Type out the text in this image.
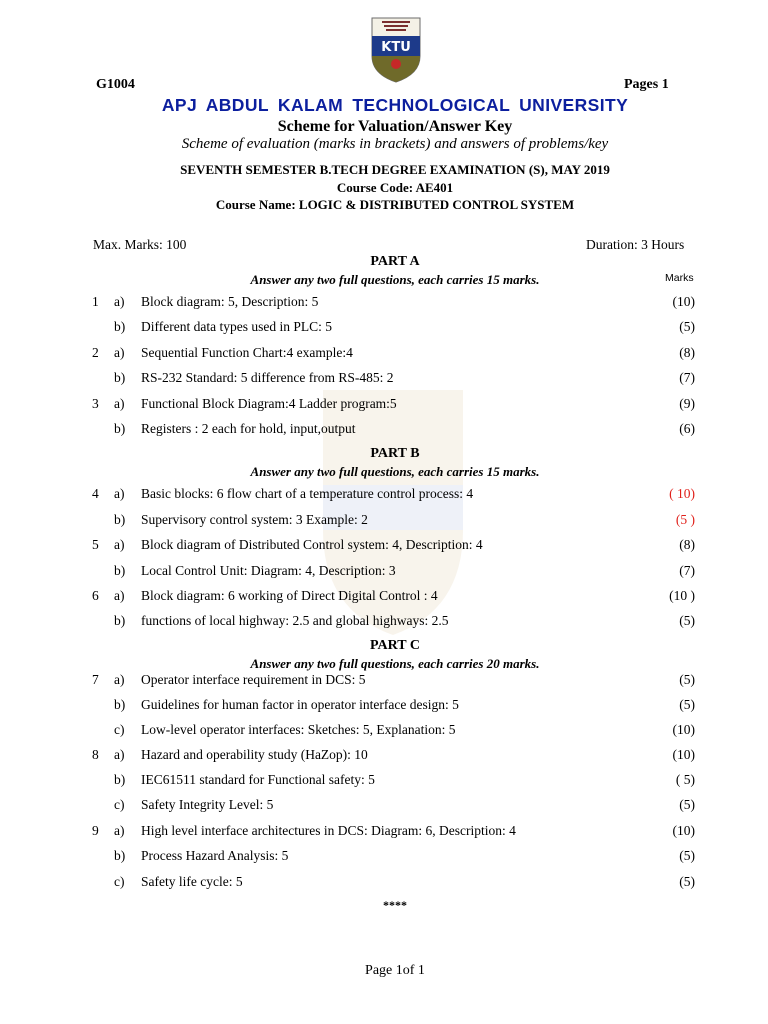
KTU
G1004	Pages 1
APJ ABDUL KALAM TECHNOLOGICAL UNIVERSITY
Scheme for Valuation/Answer Key
Scheme of evaluation (marks in brackets) and answers of problems/key
SEVENTH SEMESTER B.TECH DEGREE EXAMINATION (S), MAY 2019
Course Code: AE401
Course Name: LOGIC & DISTRIBUTED CONTROL SYSTEM
Max. Marks: 100	Duration: 3 Hours
Marks
PART A
Answer any two full questions, each carries 15 marks.
PART B
Answer any two full questions, each carries 15 marks.
PART C
Answer any two full questions, each carries 20 marks.
1 a) Block diagram: 5, Description: 5	(10)
b) Different data types used in PLC: 5	(5)
2 a) Sequential Function Chart:4 example:4	(8)
b) RS-232 Standard: 5 difference from RS-485: 2	(7)
3 a) Functional Block Diagram:4 Ladder program:5	(9)
b) Registers : 2 each for hold, input,output	(6)
4 a) Basic blocks: 6 flow chart of a temperature control process: 4	( 10)
b) Supervisory control system: 3 Example: 2	(5 )
5 a) Block diagram of Distributed Control system: 4, Description: 4	(8)
b) Local Control Unit: Diagram: 4, Description: 3	(7)
6 a) Block diagram: 6 working of Direct Digital Control : 4	(10 )
b) functions of local highway: 2.5 and global highways: 2.5	(5)
7 a) Operator interface requirement in DCS: 5	(5)
b) Guidelines for human factor in operator interface design: 5	(5)
c) Low-level operator interfaces: Sketches: 5, Explanation: 5	(10)
8 a) Hazard and operability study (HaZop): 10	(10)
b) IEC61511 standard for Functional safety: 5	( 5)
c) Safety Integrity Level: 5	(5)
9 a) High level interface architectures in DCS: Diagram: 6, Description: 4	(10)
b) Process Hazard Analysis: 5	(5)
c) Safety life cycle: 5	(5)
****
Page 1of 1
